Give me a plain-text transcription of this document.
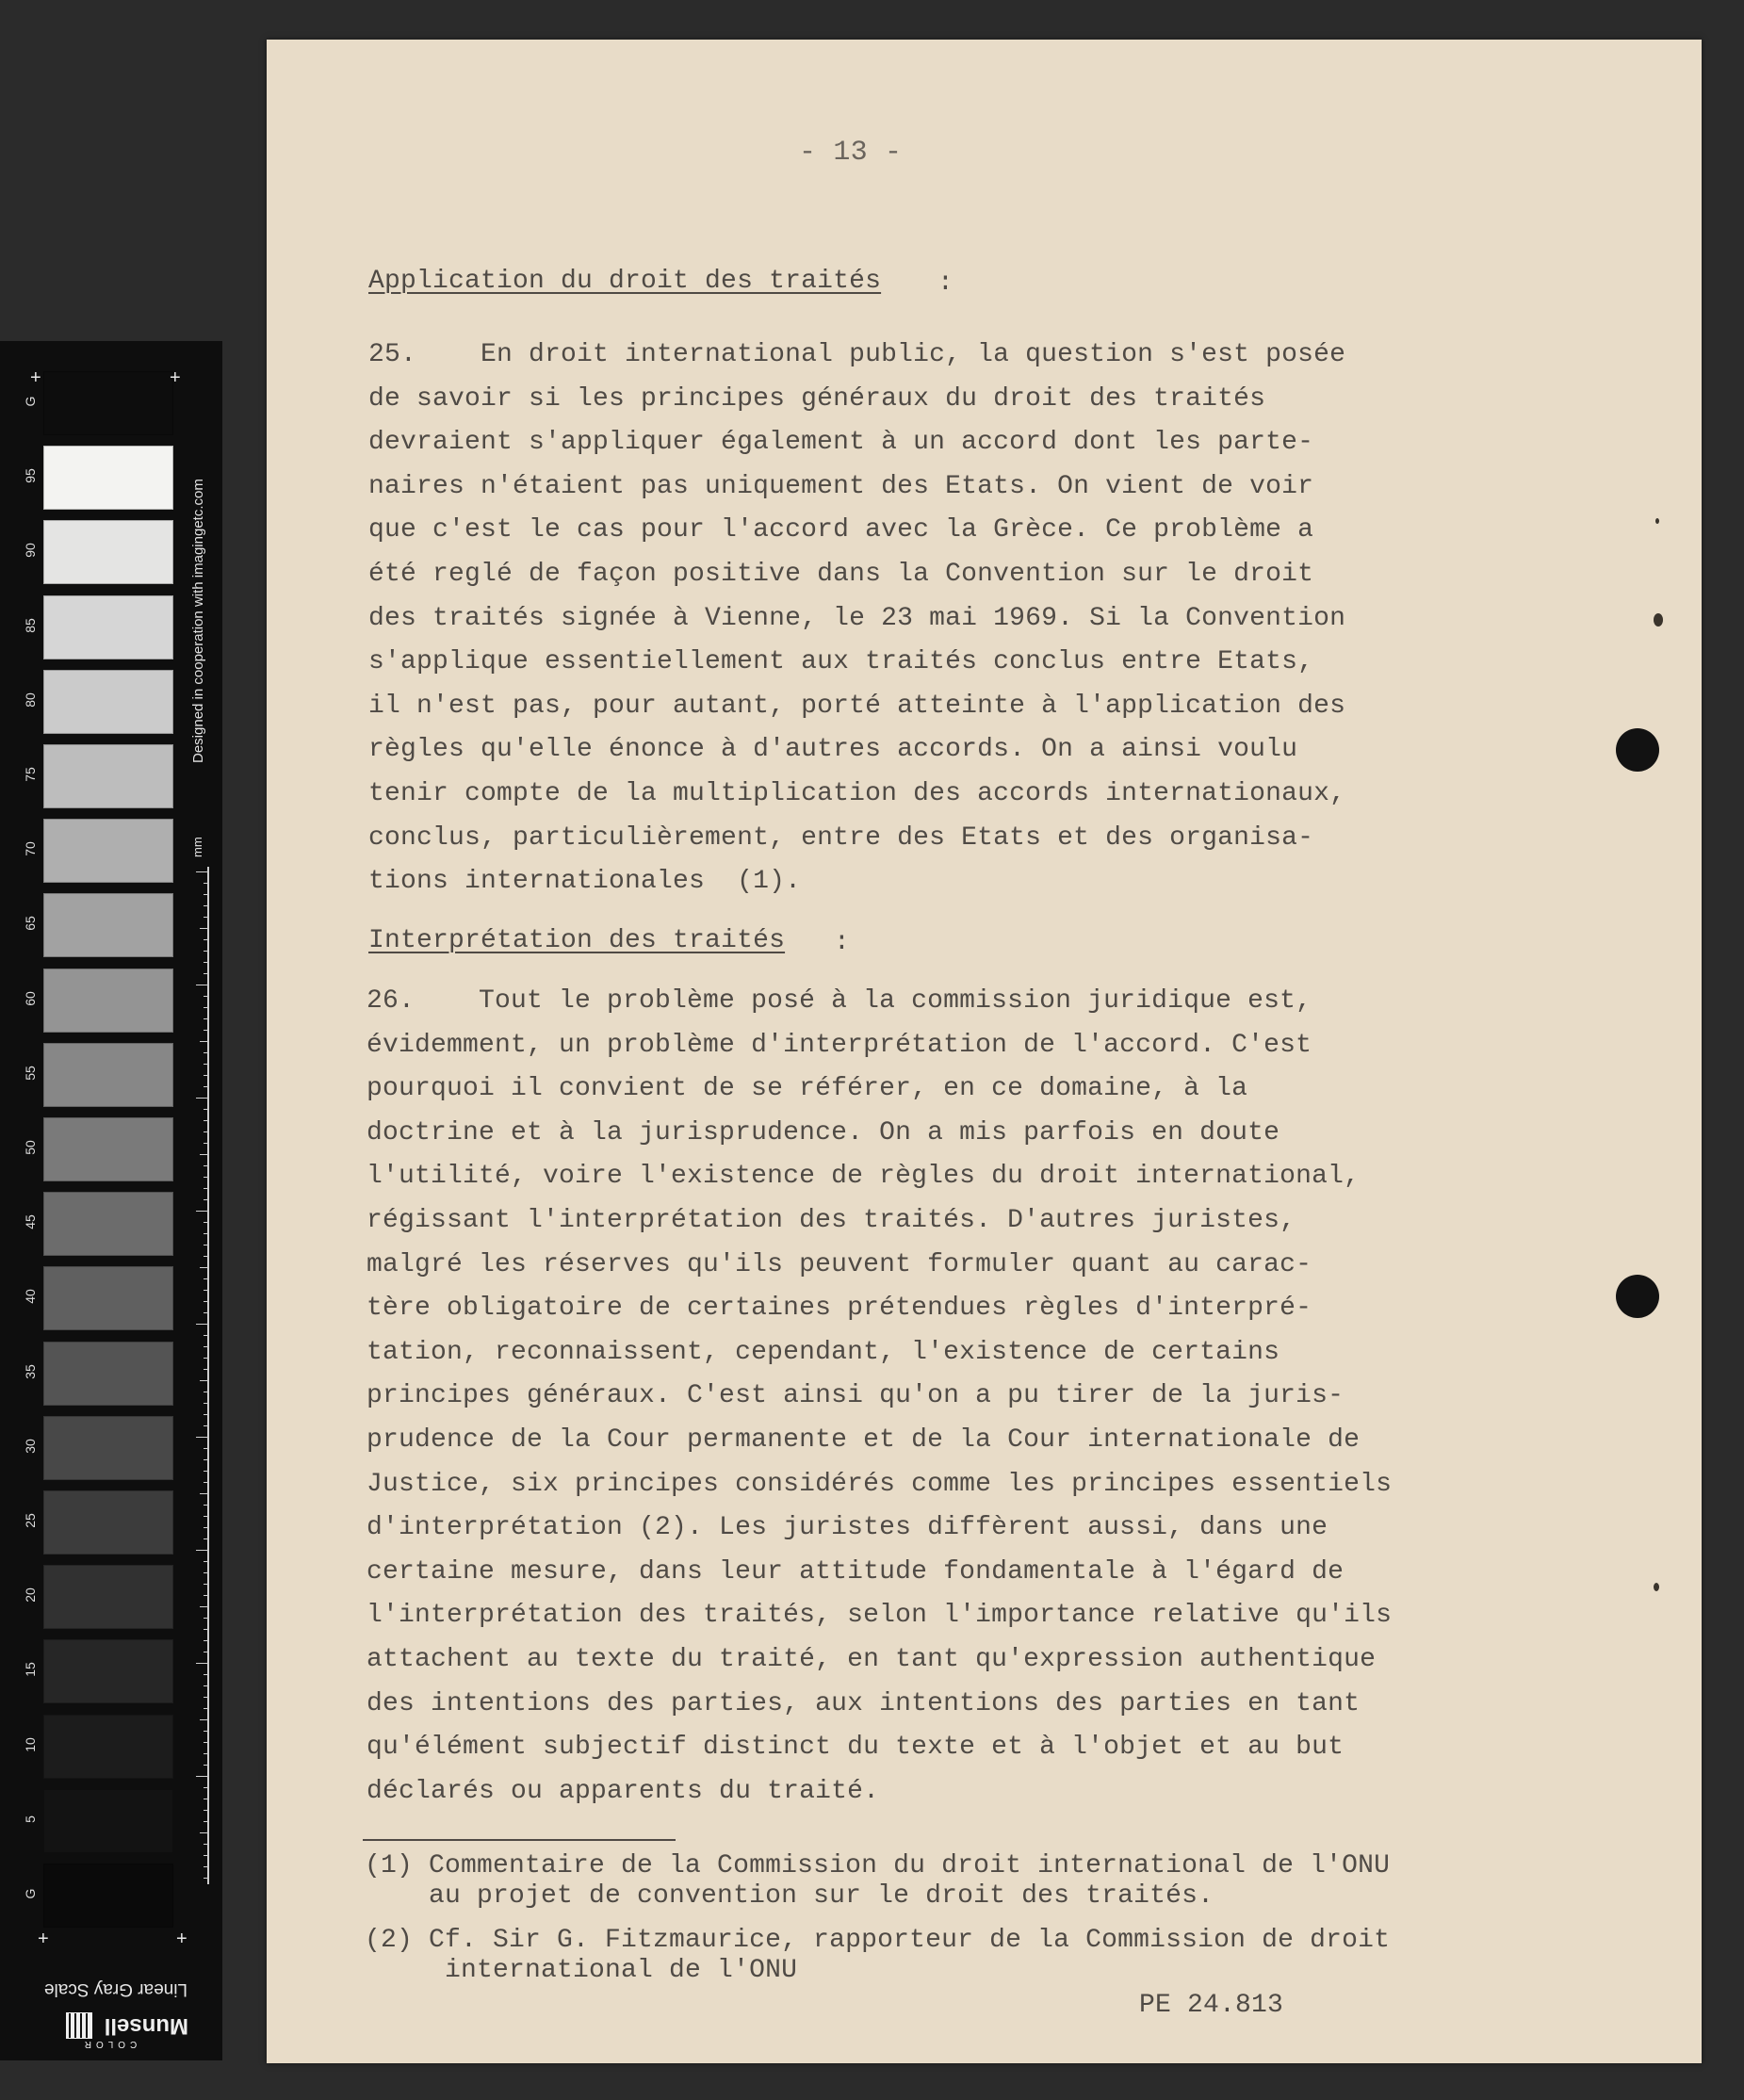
G
95
90
85
80
75
70
65
60
55
50
45
40
35
30
25
20
15
10
5
G
+	+
+	+
Designed in cooperation with imagingetc.com
mm
Linear Gray Scale
COLOR
Munsell
- 13 -
Application du droit des traités :
25.    En droit international public, la question s'est posée
de savoir si les principes généraux du droit des traités
devraient s'appliquer également à un accord dont les parte-
naires n'étaient pas uniquement des Etats. On vient de voir
que c'est le cas pour l'accord avec la Grèce. Ce problème a
été reglé de façon positive dans la Convention sur le droit
des traités signée à Vienne, le 23 mai 1969. Si la Convention
s'applique essentiellement aux traités conclus entre Etats,
il n'est pas, pour autant, porté atteinte à l'application des
règles qu'elle énonce à d'autres accords. On a ainsi voulu
tenir compte de la multiplication des accords internationaux,
conclus, particulièrement, entre des Etats et des organisa-
tions internationales  (1).
Interprétation des traités :
26.    Tout le problème posé à la commission juridique est,
évidemment, un problème d'interprétation de l'accord. C'est
pourquoi il convient de se référer, en ce domaine, à la
doctrine et à la jurisprudence. On a mis parfois en doute
l'utilité, voire l'existence de règles du droit international,
régissant l'interprétation des traités. D'autres juristes,
malgré les réserves qu'ils peuvent formuler quant au carac-
tère obligatoire de certaines prétendues règles d'interpré-
tation, reconnaissent, cependant, l'existence de certains
principes généraux. C'est ainsi qu'on a pu tirer de la juris-
prudence de la Cour permanente et de la Cour internationale de
Justice, six principes considérés comme les principes essentiels
d'interprétation (2). Les juristes diffèrent aussi, dans une
certaine mesure, dans leur attitude fondamentale à l'égard de
l'interprétation des traités, selon l'importance relative qu'ils
attachent au texte du traité, en tant qu'expression authentique
des intentions des parties, aux intentions des parties en tant
qu'élément subjectif distinct du texte et à l'objet et au but
déclarés ou apparents du traité.
(1) Commentaire de la Commission du droit international de l'ONU
au projet de convention sur le droit des traités.
(2) Cf. Sir G. Fitzmaurice, rapporteur de la Commission de droit
international de l'ONU
PE 24.813
